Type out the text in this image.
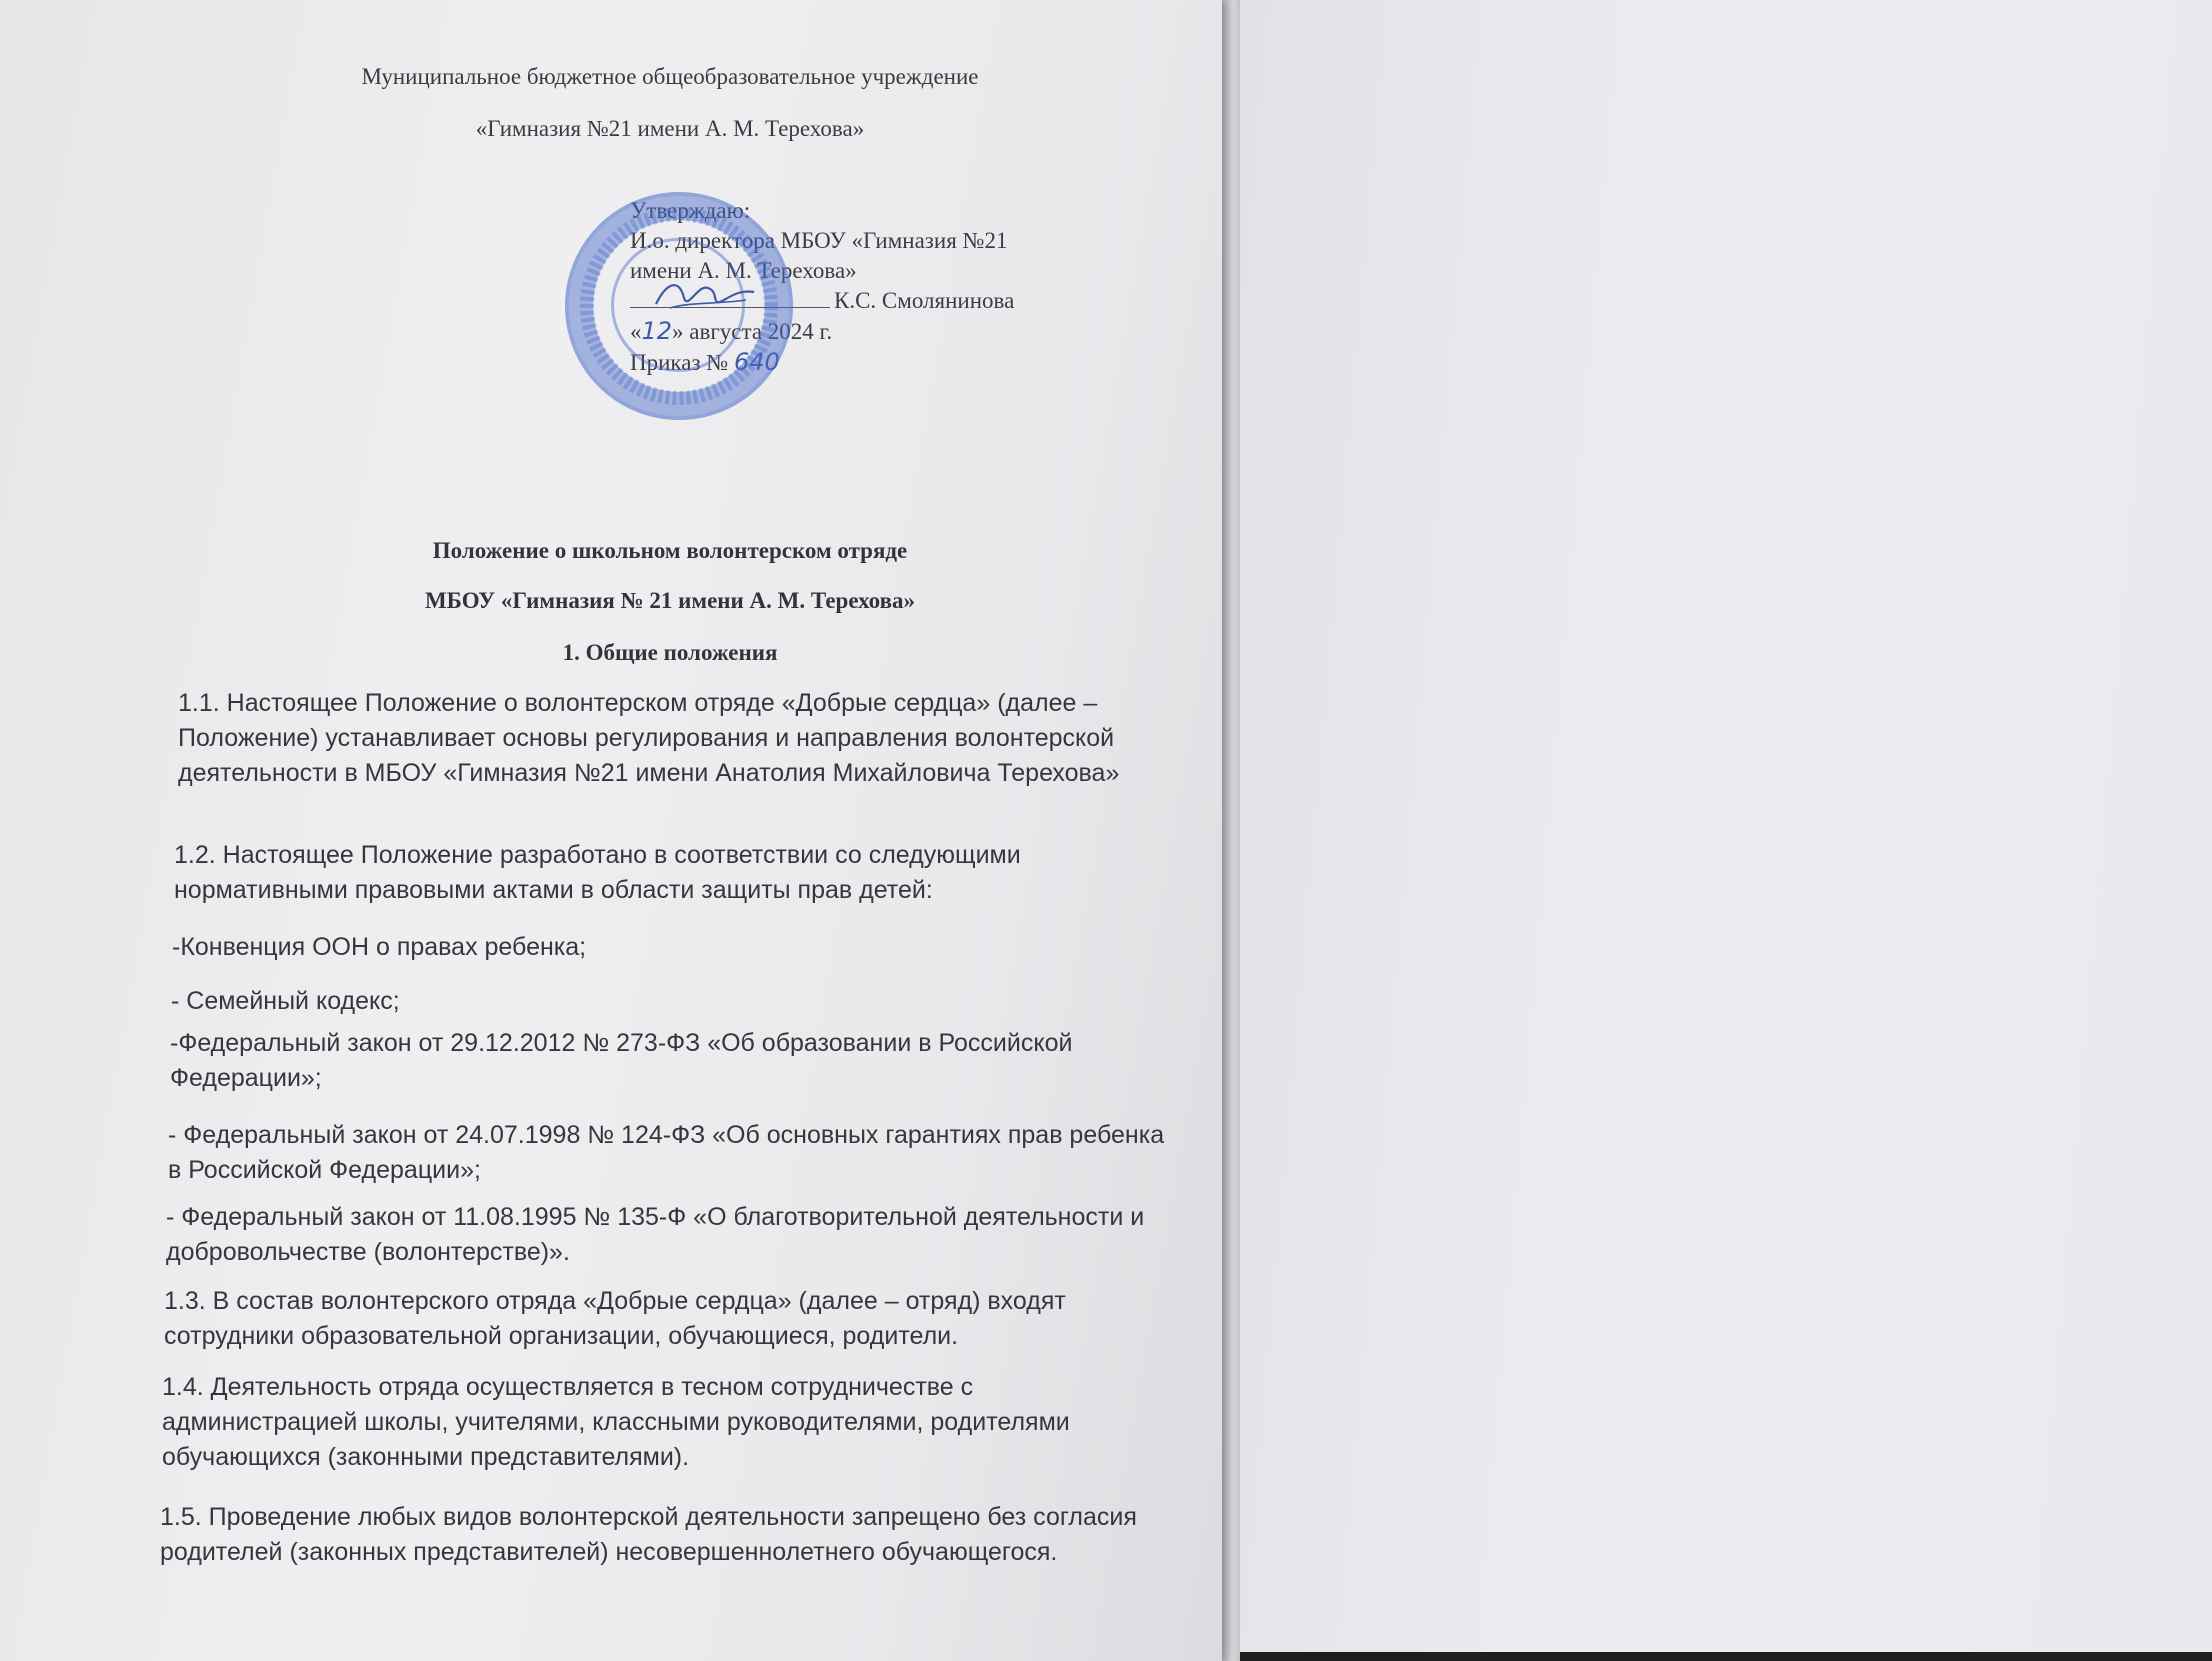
Муниципальное бюджетное общеобразовательное учреждение
«Гимназия №21 имени А. М. Терехова»
Утверждаю:
И.о. директора МБОУ «Гимназия №21
имени А. М. Терехова»
К.С. Смолянинова
«12» августа 2024 г.
Приказ № 640
Положение о школьном волонтерском отряде
МБОУ «Гимназия № 21 имени А. М. Терехова»
1. Общие положения
1.1. Настоящее Положение о волонтерском отряде «Добрые сердца» (далее – Положение) устанавливает основы регулирования и направления волонтерской деятельности в МБОУ «Гимназия №21 имени Анатолия Михайловича Терехова»
1.2. Настоящее Положение разработано в соответствии со следующими нормативными правовыми актами в области защиты прав детей:
-Конвенция ООН о правах ребенка;
- Семейный кодекс;
-Федеральный закон от 29.12.2012 № 273-ФЗ «Об образовании в Российской Федерации»;
- Федеральный закон от 24.07.1998 № 124-ФЗ «Об основных гарантиях прав ребенка в Российской Федерации»;
- Федеральный закон от 11.08.1995 № 135-Ф «О благотворительной деятельности и добровольчестве (волонтерстве)».
1.3. В состав волонтерского отряда «Добрые сердца» (далее – отряд) входят сотрудники образовательной организации, обучающиеся, родители.
1.4. Деятельность отряда осуществляется в тесном сотрудничестве с администрацией школы, учителями, классными руководителями, родителями обучающихся (законными представителями).
1.5. Проведение любых видов волонтерской деятельности запрещено без согласия родителей (законных представителей) несовершеннолетнего обучающегося.
